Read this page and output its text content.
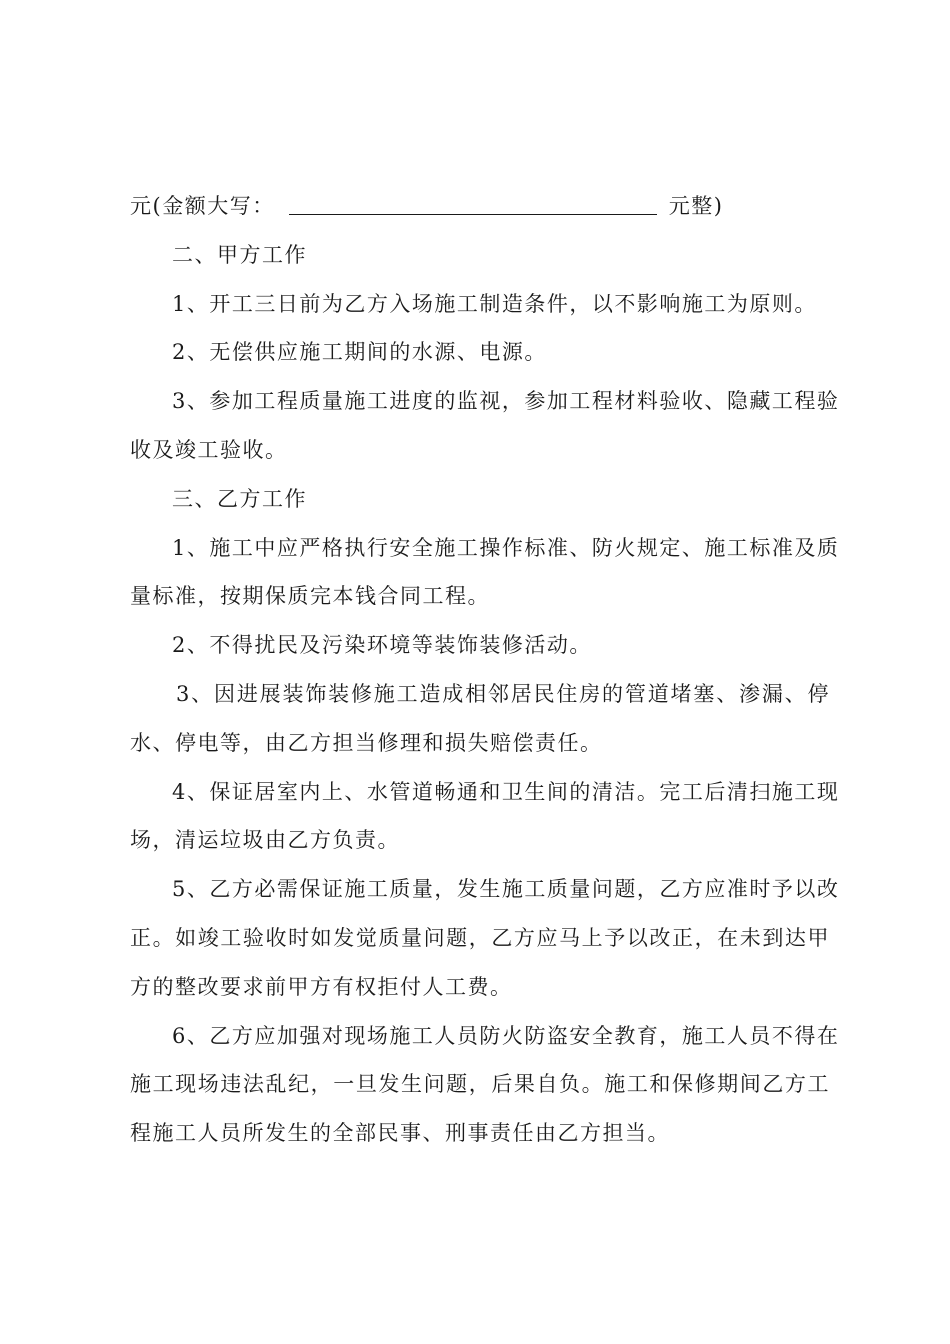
元(金额大写：	元整)
二、甲方工作
1、开工三日前为乙方入场施工制造条件，以不影响施工为原则。
2、无偿供应施工期间的水源、电源。
3、参加工程质量施工进度的监视，参加工程材料验收、隐藏工程验
收及竣工验收。
三、乙方工作
1、施工中应严格执行安全施工操作标准、防火规定、施工标准及质
量标准，按期保质完本钱合同工程。
2、不得扰民及污染环境等装饰装修活动。
3、因进展装饰装修施工造成相邻居民住房的管道堵塞、渗漏、停
水、停电等，由乙方担当修理和损失赔偿责任。
4、保证居室内上、水管道畅通和卫生间的清洁。完工后清扫施工现
场，清运垃圾由乙方负责。
5、乙方必需保证施工质量，发生施工质量问题，乙方应准时予以改
正。如竣工验收时如发觉质量问题，乙方应马上予以改正，在未到达甲
方的整改要求前甲方有权拒付人工费。
6、乙方应加强对现场施工人员防火防盗安全教育，施工人员不得在
施工现场违法乱纪，一旦发生问题，后果自负。施工和保修期间乙方工
程施工人员所发生的全部民事、刑事责任由乙方担当。
